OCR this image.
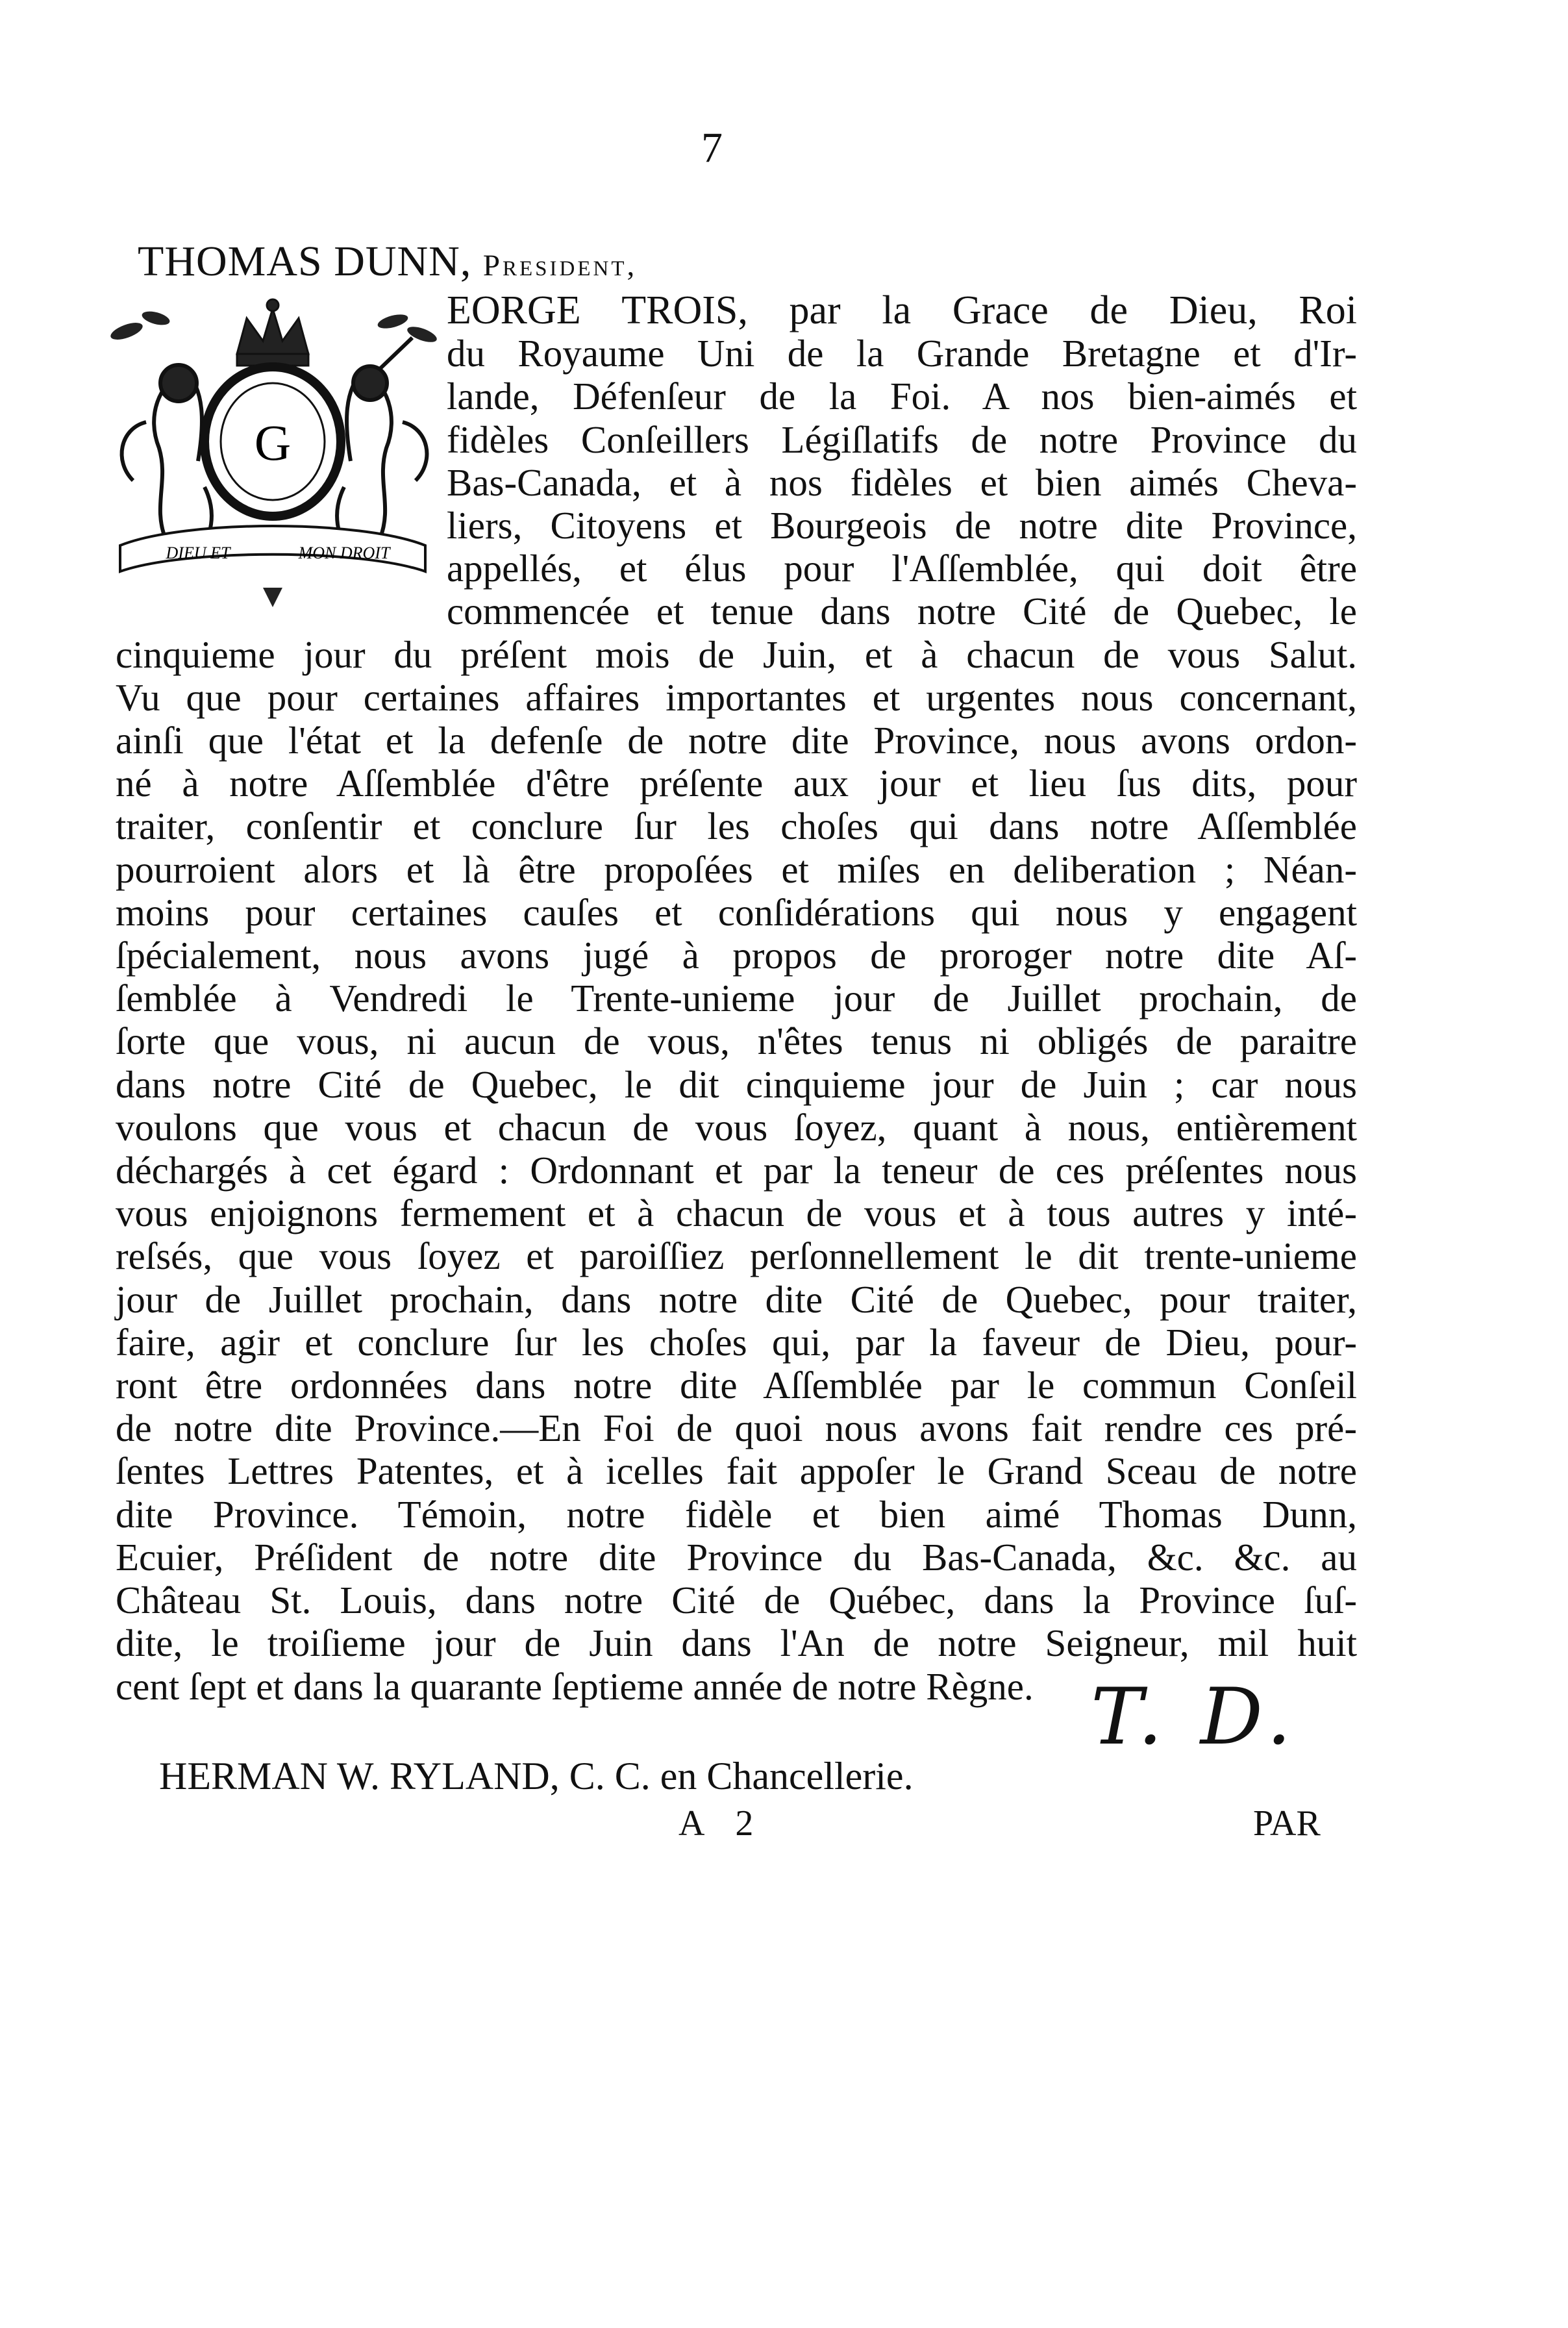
7
THOMAS DUNN, President,
G
DIEU ET	MON DROIT
EORGE TROIS, par la Grace de Dieu, Roi
du Royaume Uni de la Grande Bretagne et d'Ir-
lande, Défenſeur de la Foi. A nos bien-aimés et
fidèles Conſeillers Légiſlatifs de notre Province du
Bas-Canada, et à nos fidèles et bien aimés Cheva-
liers, Citoyens et Bourgeois de notre dite Province,
appellés, et élus pour l'Aſſemblée, qui doit être
commencée et tenue dans notre Cité de Quebec, le
cinquieme jour du préſent mois de Juin, et à chacun de vous Salut.
Vu que pour certaines affaires importantes et urgentes nous concernant,
ainſi que l'état et la defenſe de notre dite Province, nous avons ordon-
né à notre Aſſemblée d'être préſente aux jour et lieu ſus dits, pour
traiter, conſentir et conclure ſur les choſes qui dans notre Aſſemblée
pourroient alors et là être propoſées et miſes en deliberation ; Néan-
moins pour certaines cauſes et conſidérations qui nous y engagent
ſpécialement, nous avons jugé à propos de proroger notre dite Aſ-
ſemblée à Vendredi le Trente-unieme jour de Juillet prochain, de
ſorte que vous, ni aucun de vous, n'êtes tenus ni obligés de paraitre
dans notre Cité de Quebec, le dit cinquieme jour de Juin ; car nous
voulons que vous et chacun de vous ſoyez, quant à nous, entièrement
déchargés à cet égard : Ordonnant et par la teneur de ces préſentes nous
vous enjoignons fermement et à chacun de vous et à tous autres y inté-
reſsés, que vous ſoyez et paroiſſiez perſonnellement le dit trente-unieme
jour de Juillet prochain, dans notre dite Cité de Quebec, pour traiter,
faire, agir et conclure ſur les choſes qui, par la faveur de Dieu, pour-
ront être ordonnées dans notre dite Aſſemblée par le commun Conſeil
de notre dite Province.—En Foi de quoi nous avons fait rendre ces pré-
ſentes Lettres Patentes, et à icelles fait appoſer le Grand Sceau de notre
dite Province. Témoin, notre fidèle et bien aimé Thomas Dunn,
Ecuier, Préſident de notre dite Province du Bas-Canada, &c. &c. au
Château St. Louis, dans notre Cité de Québec, dans la Province ſuſ-
dite, le troiſieme jour de Juin dans l'An de notre Seigneur, mil huit
cent ſept et dans la quarante ſeptieme année de notre Règne. T. D.
HERMAN W. RYLAND, C. C. en Chancellerie.
A 2	PAR
